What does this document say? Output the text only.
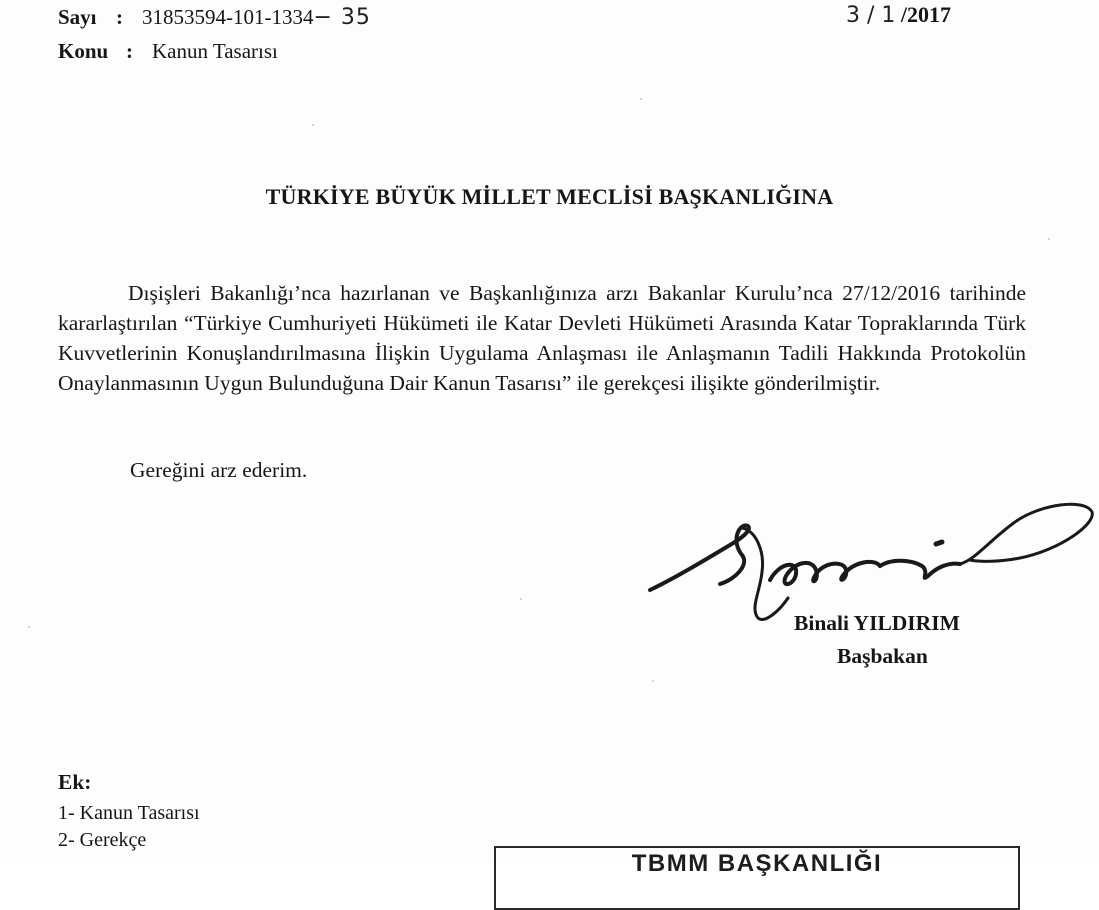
Sayı : 31853594-101-1334− 35
Konu : Kanun Tasarısı
3 / 1 /2017
TÜRKİYE BÜYÜK MİLLET MECLİSİ BAŞKANLIĞINA

Dışişleri Bakanlığı’nca hazırlanan ve Başkanlığınıza arzı Bakanlar Kurulu’nca 27/12/2016 tarihinde kararlaştırılan “Türkiye Cumhuriyeti Hükümeti ile Katar Devleti Hükümeti Arasında Katar Topraklarında Türk Kuvvetlerinin Konuşlandırılmasına İlişkin Uygulama Anlaşması ile Anlaşmanın Tadili Hakkında Protokolün Onaylanmasının Uygun Bulunduğuna Dair Kanun Tasarısı” ile gerekçesi ilişikte gönderilmiştir.

Gereğini arz ederim.
Binali YILDIRIM
Başbakan
Ek:
1- Kanun Tasarısı
2- Gerekçe
TBMM BAŞKANLIĞI
